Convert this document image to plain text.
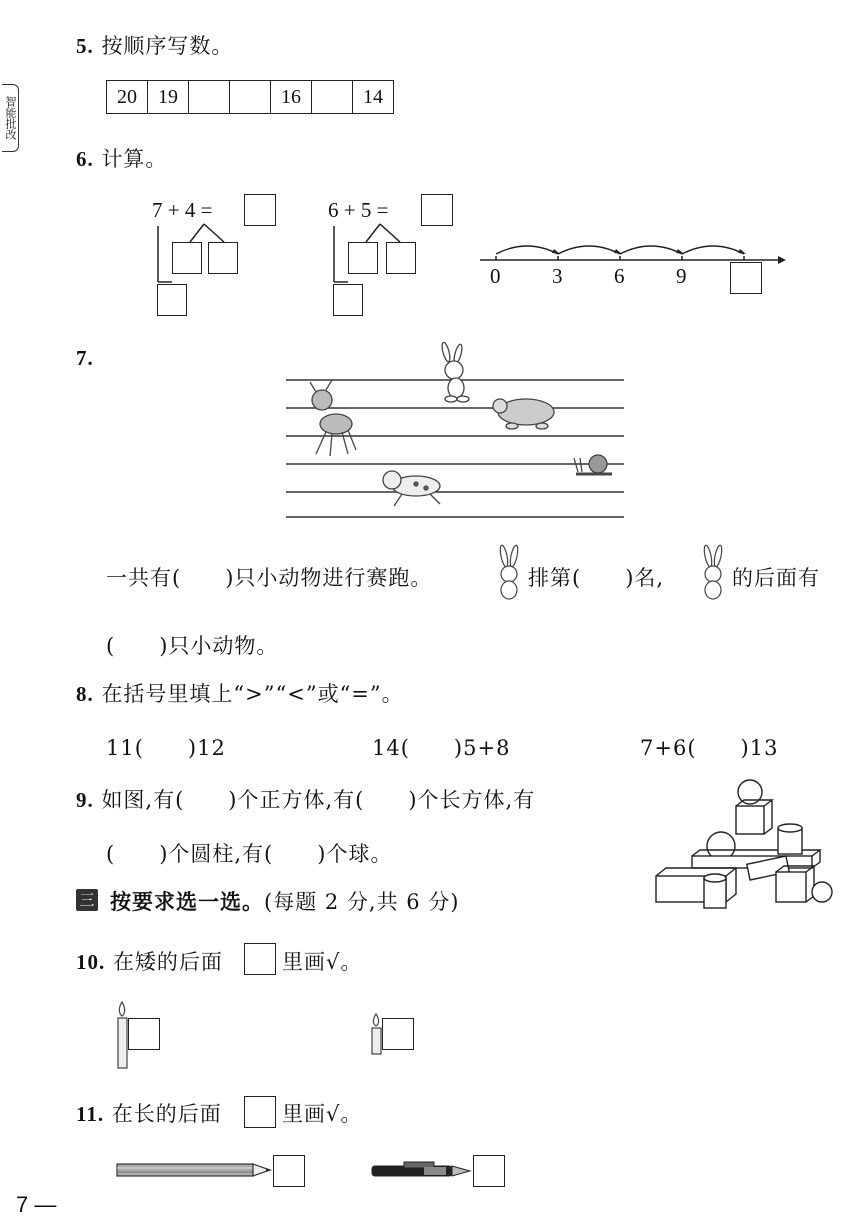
智能批改
5. 按顺序写数。
20	19			16		14
6. 计算。
7 + 4 =	6 + 5 =
0 3 6 9
7.
一共有(　　)只小动物进行赛跑。	排第(　　)名,	的后面有
(　　)只小动物。
8. 在括号里填上“>”“<”或“=”。
11(　　)12	14(　　)5+8	7+6(　　)13
9. 如图,有(　　)个正方体,有(　　)个长方体,有
(　　)个圆柱,有(　　)个球。
三 按要求选一选。(每题 2 分,共 6 分)
10. 在矮的后面	里画√。
11. 在长的后面	里画√。
7 —
